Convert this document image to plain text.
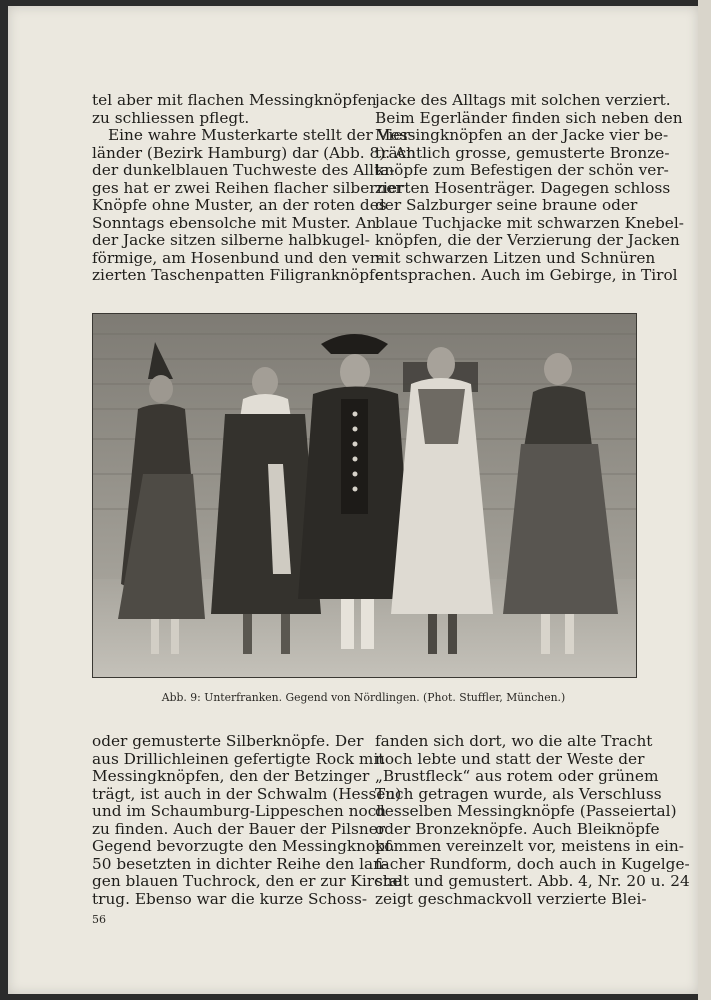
tel aber mit flachen Messingknöpfen
zu schliessen pflegt.
Eine wahre Musterkarte stellt der Vier-
länder (Bezirk Hamburg) dar (Abb. 8). An
der dunkelblauen Tuchweste des Alltа-
ges hat er zwei Reihen flacher silberner
Knöpfe ohne Muster, an der roten des
Sonntags ebensolche mit Muster. An
der Jacke sitzen silberne halbkugel-
förmige, am Hosenbund und den ver-
zierten Taschenpatten Filigranknöpfe
jacke des Alltags mit solchen verziert.
Beim Egerländer finden sich neben den
Messingknöpfen an der Jacke vier be-
trächtlich grosse, gemusterte Bronze-
knöpfe zum Befestigen der schön ver-
zierten Hosenträger. Dagegen schloss
der Salzburger seine braune oder
blaue Tuchjacke mit schwarzen Knebel-
knöpfen, die der Verzierung der Jacken
mit schwarzen Litzen und Schnüren
entsprachen. Auch im Gebirge, in Tirol
Abb. 9: Unterfranken. Gegend von Nördlingen. (Phot. Stuffler, München.)
oder gemusterte Silberknöpfe. Der
aus Drillichleinen gefertigte Rock mit
Messingknöpfen, den der Betzinger
trägt, ist auch in der Schwalm (Hessen)
und im Schaumburg-Lippeschen noch
zu finden. Auch der Bauer der Pilsner
Gegend bevorzugte den Messingknopf.
50 besetzten in dichter Reihe den lan-
gen blauen Tuchrock, den er zur Kirche
trug. Ebenso war die kurze Schoss-
fanden sich dort, wo die alte Tracht
noch lebte und statt der Weste der
„Brustfleck“ aus rotem oder grünem
Tuch getragen wurde, als Verschluss
desselben Messingknöpfe (Passeiertal)
oder Bronzeknöpfe. Auch Bleiknöpfe
kommen vereinzelt vor, meistens in ein-
facher Rundform, doch auch in Kugelge-
stalt und gemustert. Abb. 4, Nr. 20 u. 24
zeigt geschmackvoll verzierte Blei-
56
